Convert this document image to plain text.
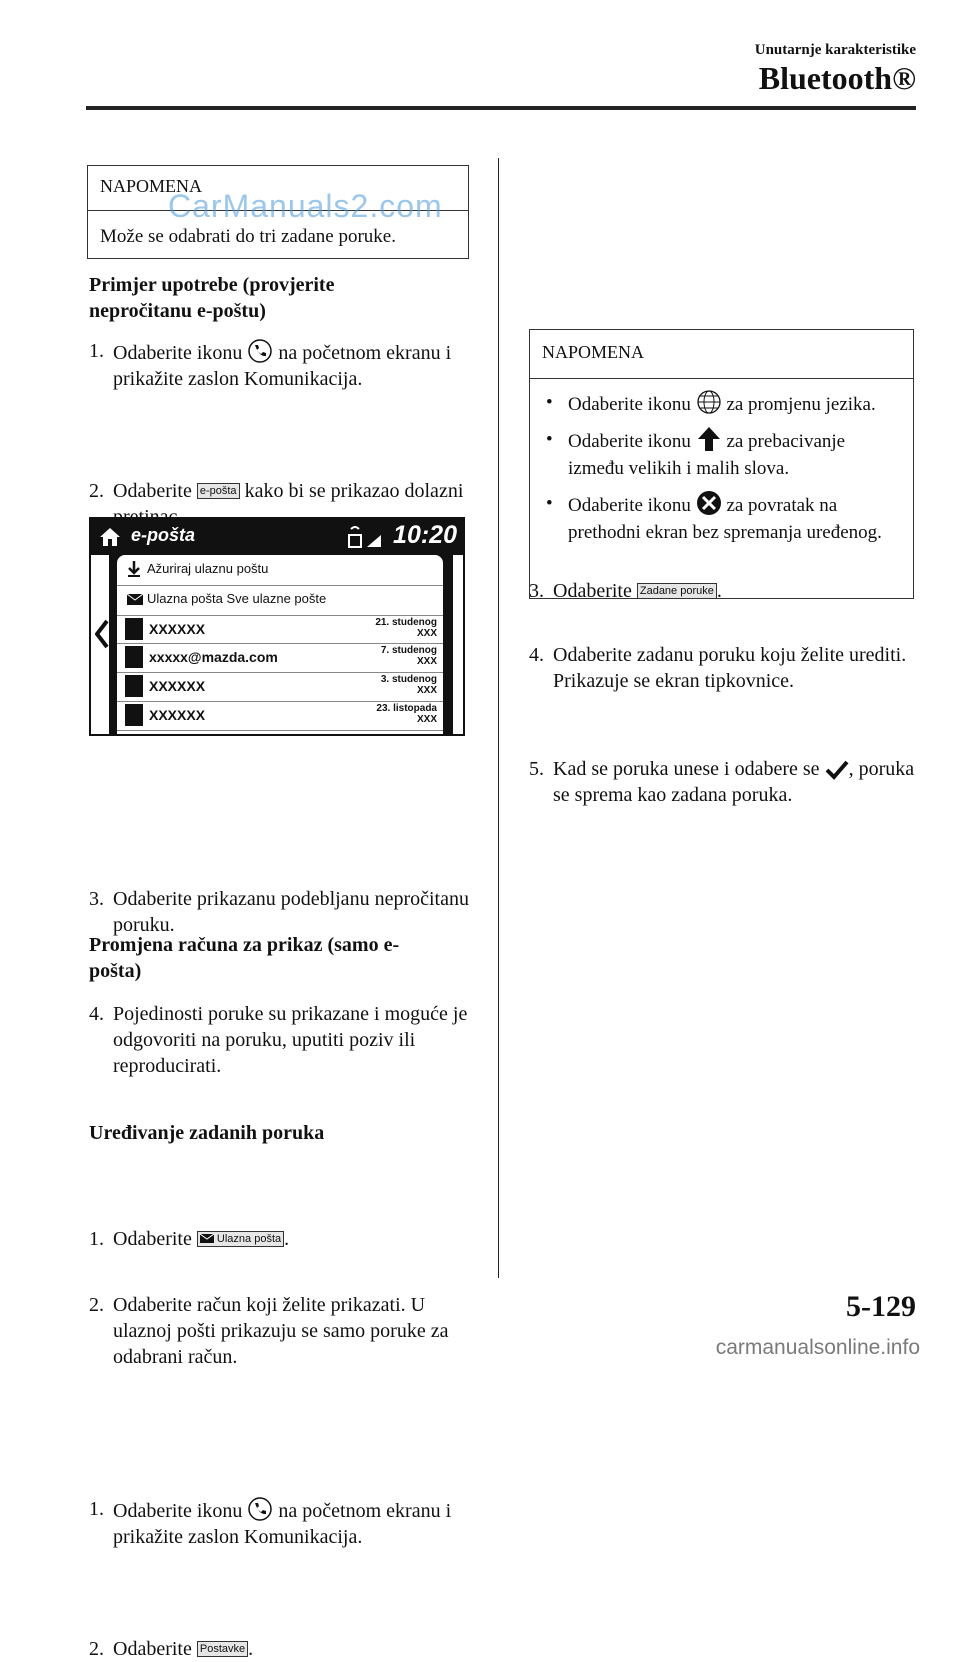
Unutarnje karakteristike
Bluetooth®
NAPOMENA
Može se odabrati do tri zadane poruke.
CarManuals2.com
Primjer upotrebe (provjerite nepročitanu e-poštu)
1. Odaberite ikonu na početnom ekranu i prikažite zaslon Komunikacija.
2. Odaberite e-pošta kako bi se prikazao dolazni
e-pošta	10:20
Ažuriraj ulaznu poštu
Ulazna pošta Sve ulazne pošte
XXXXXX	21. studenog
XXX
xxxxx@mazda.com	7. studenog
XXX
XXXXXX	3. studenog
XXX
XXXXXX	23. listopada
XXX
3. Odaberite prikazanu podebljanu nepročitanu poruku.
4. Pojedinosti poruke su prikazane i moguće je odgovoriti na poruku, uputiti poziv ili reproducirati.
Promjena računa za prikaz (samo e-pošta)
1. Odaberite Ulazna pošta .
2. Odaberite račun koji želite prikazati. U ulaznoj pošti prikazuju se samo poruke za odabrani račun.
Uređivanje zadanih poruka
1. Odaberite ikonu na početnom ekranu i prikažite zaslon Komunikacija.
2. Odaberite Postavke .
3. Odaberite Zadane poruke .
4. Odaberite zadanu poruku koju želite urediti. Prikazuje se ekran tipkovnice.
5. Kad se poruka unese i odabere se , poruka se sprema kao zadana poruka.
NAPOMENA
• Odaberite ikonu za promjenu jezika.
• Odaberite ikonu za prebacivanje između velikih i malih slova.
• Odaberite ikonu za povratak na prethodni ekran bez spremanja uređenog.
5-129
carmanualsonline.info
